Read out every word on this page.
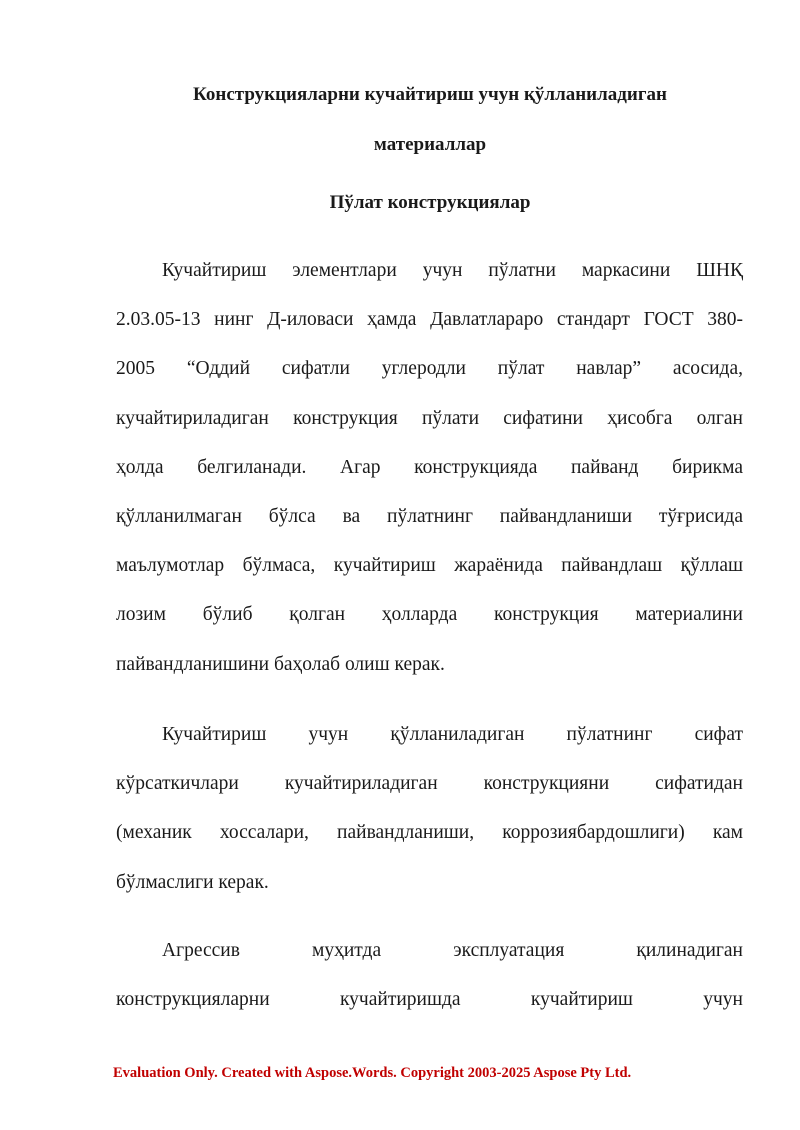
Конструкцияларни кучайтириш учун қўлланиладиган

материаллар

Пўлат конструкциялар

Кучайтириш элементлари учун пўлатни маркасини ШНҚ
2.03.05-13 нинг Д-иловаси ҳамда Давлатлараро стандарт ГОСТ 380-
2005 “Оддий сифатли углеродли пўлат навлар” асосида,
кучайтириладиган конструкция пўлати сифатини ҳисобга олган
ҳолда белгиланади. Агар конструкцияда пайванд бирикма
қўлланилмаган бўлса ва пўлатнинг пайвандланиши тўғрисида
маълумотлар бўлмаса, кучайтириш жараёнида пайвандлаш қўллаш
лозим бўлиб қолган ҳолларда конструкция материалини
пайвандланишини баҳолаб олиш керак.
Кучайтириш учун қўлланиладиган пўлатнинг сифат
кўрсаткичлари кучайтириладиган конструкцияни сифатидан
(механик хоссалари, пайвандланиши, коррозиябардошлиги) кам
бўлмаслиги керак.
Агрессив муҳитда эксплуатация қилинадиган
конструкцияларни кучайтиришда кучайтириш учун

Evaluation Only. Created with Aspose.Words. Copyright 2003-2025 Aspose Pty Ltd.
